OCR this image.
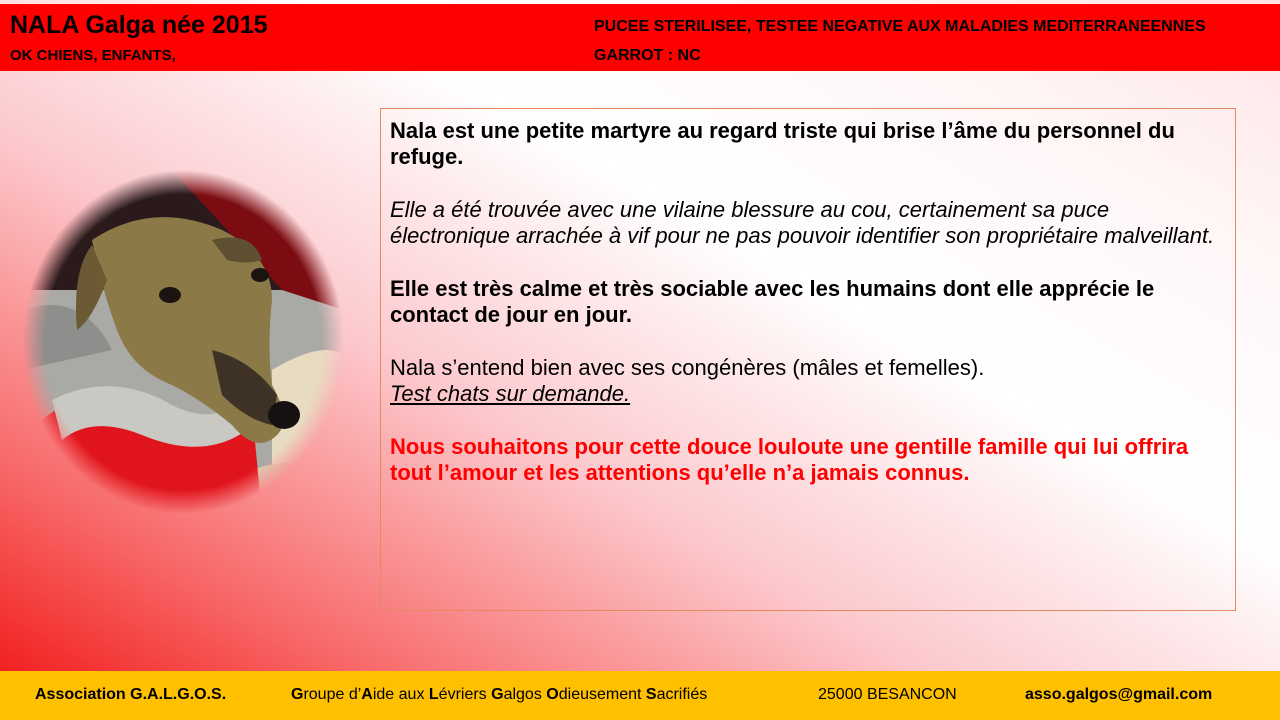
NALA Galga née 2015
OK CHIENS, ENFANTS,
PUCEE STERILISEE, TESTEE NEGATIVE AUX MALADIES MEDITERRANEENNES
GARROT : NC

Nala est une petite martyre au regard triste qui brise l’âme du personnel du refuge.

Elle a été trouvée avec une vilaine blessure au cou, certainement sa puce électronique arrachée à vif pour ne pas pouvoir identifier son propriétaire malveillant.

Elle est très calme et très sociable avec les humains dont elle apprécie le contact de jour en jour.

Nala s’entend bien avec ses congénères (mâles et femelles).

Test chats sur demande.

Nous souhaitons pour cette douce louloute une gentille famille qui lui offrira tout l’amour et les attentions qu’elle n’a jamais connus.

Association G.A.L.G.O.S.	Groupe d’Aide aux Lévriers Galgos Odieusement Sacrifiés	25000 BESANCON	asso.galgos@gmail.com
